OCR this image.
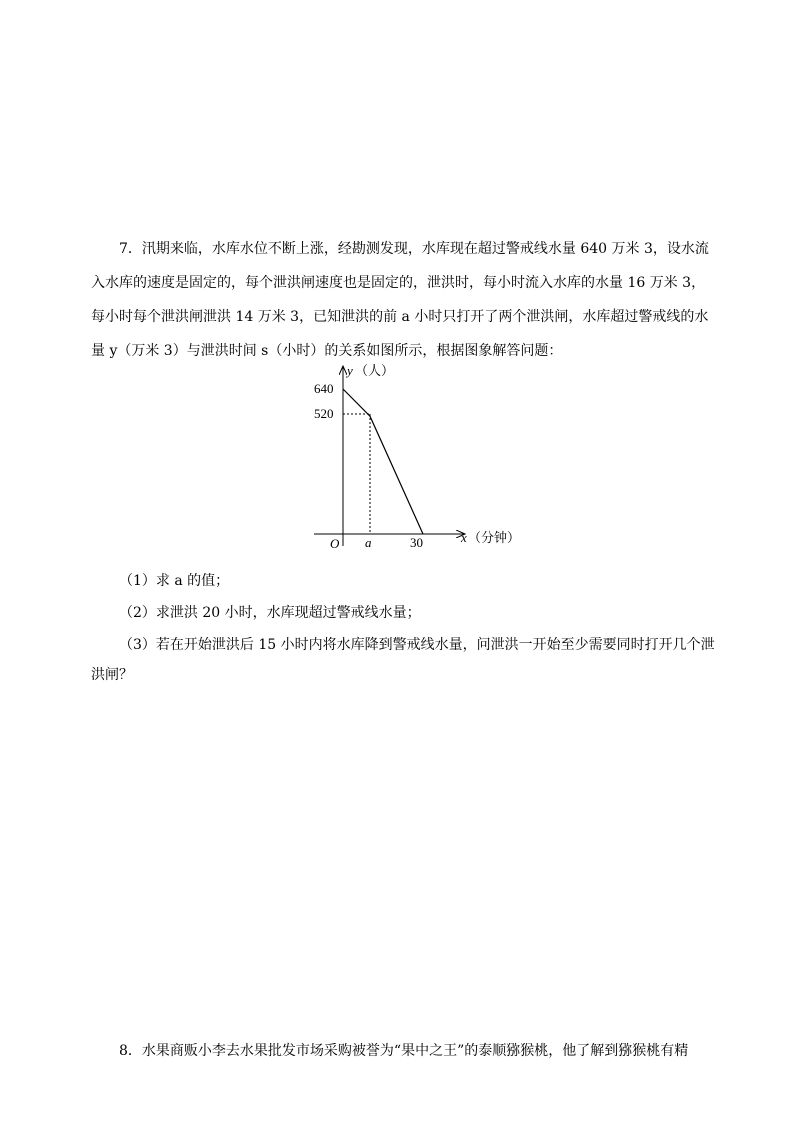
7．汛期来临，水库水位不断上涨，经勘测发现，水库现在超过警戒线水量 640 万米 3，设水流
入水库的速度是固定的，每个泄洪闸速度也是固定的，泄洪时，每小时流入水库的水量 16 万米 3，
每小时每个泄洪闸泄洪 14 万米 3，已知泄洪的前 a 小时只打开了两个泄洪闸，水库超过警戒线的水
量 y（万米 3）与泄洪时间 s（小时）的关系如图所示，根据图象解答问题：
y （人）
640
520
O a	30	x （分钟）
（1）求 a 的值；
（2）求泄洪 20 小时，水库现超过警戒线水量；
（3）若在开始泄洪后 15 小时内将水库降到警戒线水量，问泄洪一开始至少需要同时打开几个泄
洪闸？
8．水果商贩小李去水果批发市场采购被誉为“果中之王”的泰顺猕猴桃，他了解到猕猴桃有精
